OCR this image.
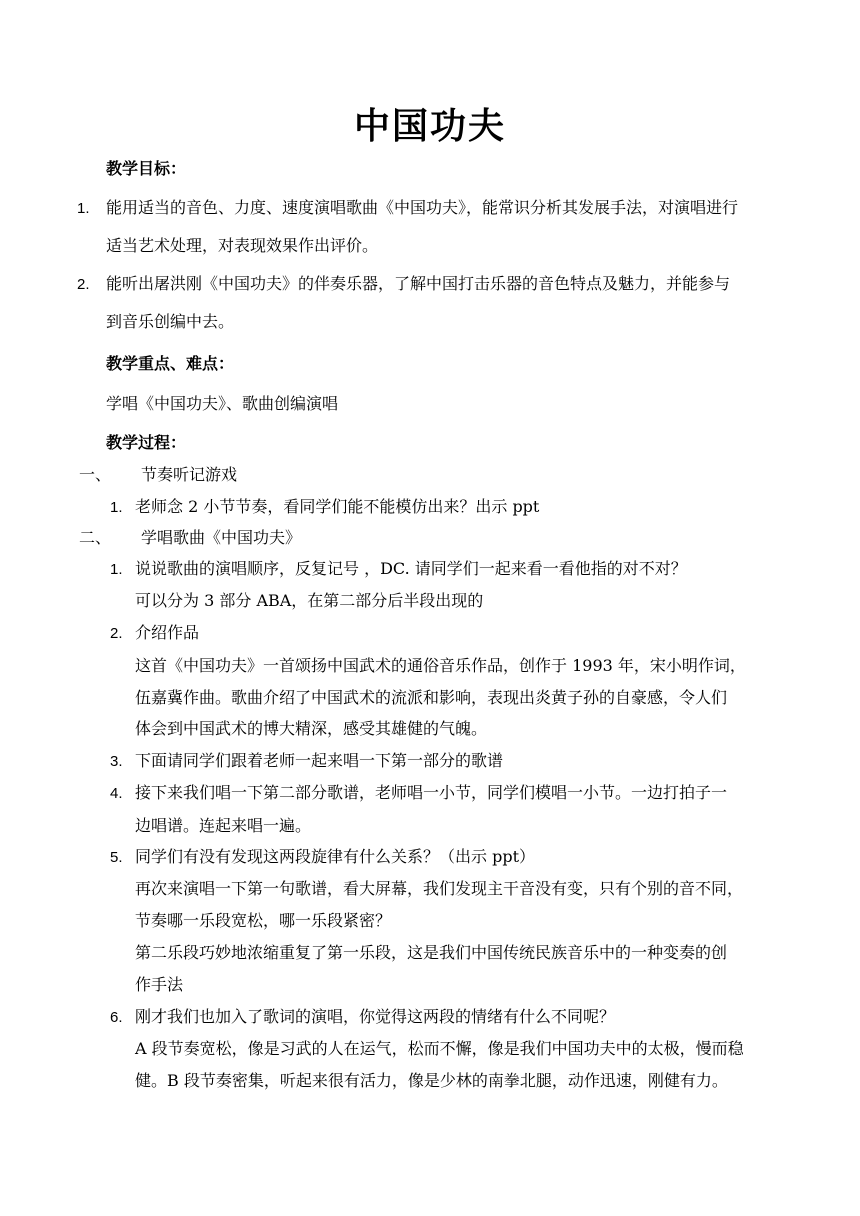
中国功夫
教学目标：
1. 能用适当的音色、力度、速度演唱歌曲《中国功夫》，能常识分析其发展手法，对演唱进行
适当艺术处理，对表现效果作出评价。
2. 能听出屠洪刚《中国功夫》的伴奏乐器，了解中国打击乐器的音色特点及魅力，并能参与
到音乐创编中去。
教学重点、难点：
学唱《中国功夫》、歌曲创编演唱
教学过程：
一、 节奏听记游戏
1. 老师念 2 小节节奏，看同学们能不能模仿出来？出示 ppt
二、 学唱歌曲《中国功夫》
1. 说说歌曲的演唱顺序，反复记号 ，DC. 请同学们一起来看一看他指的对不对？
可以分为 3 部分 ABA，在第二部分后半段出现的
2. 介绍作品
这首《中国功夫》一首颂扬中国武术的通俗音乐作品，创作于 1993 年，宋小明作词，
伍嘉冀作曲。歌曲介绍了中国武术的流派和影响，表现出炎黄子孙的自豪感，令人们
体会到中国武术的博大精深，感受其雄健的气魄。
3. 下面请同学们跟着老师一起来唱一下第一部分的歌谱
4. 接下来我们唱一下第二部分歌谱，老师唱一小节，同学们模唱一小节。一边打拍子一
边唱谱。连起来唱一遍。
5. 同学们有没有发现这两段旋律有什么关系？（出示 ppt）
再次来演唱一下第一句歌谱，看大屏幕，我们发现主干音没有变，只有个别的音不同，
节奏哪一乐段宽松，哪一乐段紧密？
第二乐段巧妙地浓缩重复了第一乐段，这是我们中国传统民族音乐中的一种变奏的创
作手法
6. 刚才我们也加入了歌词的演唱，你觉得这两段的情绪有什么不同呢？
A 段节奏宽松，像是习武的人在运气，松而不懈，像是我们中国功夫中的太极，慢而稳
健。B 段节奏密集，听起来很有活力，像是少林的南拳北腿，动作迅速，刚健有力。
